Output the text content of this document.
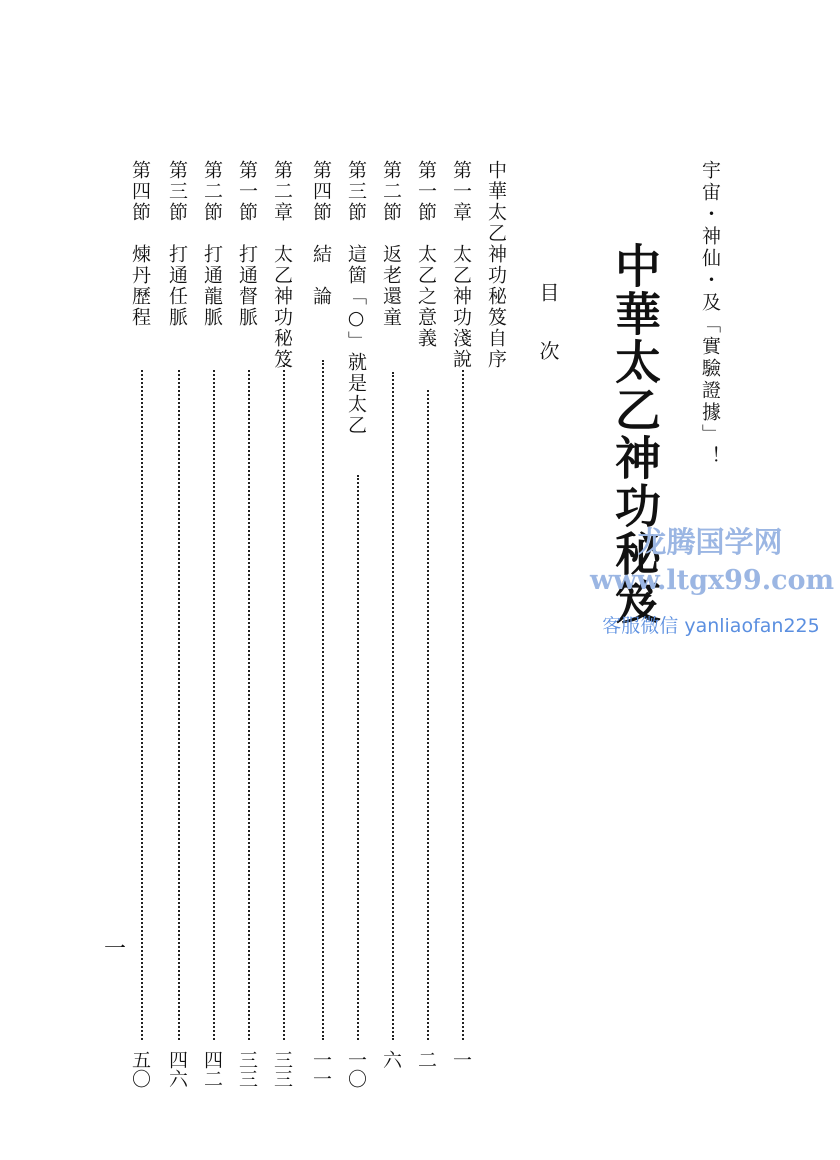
宇宙・神仙・及「實驗證據」！
中華太乙神功秘笈
目 次
中華太乙神功秘笈自序
第一章　太乙神功淺說
一
第一節　太乙之意義
二
第二節　返老還童
六
第三節　這箇「○」就是太乙
一〇
第四節　結　論
一一
第二章　太乙神功秘笈
三三
第一節　打通督脈
三三
第二節　打通龍脈
四二
第三節　打通任脈
四六
第四節　煉丹歷程
五〇
一
龙腾国学网
www.ltgx99.com
客服微信 yanliaofan225
